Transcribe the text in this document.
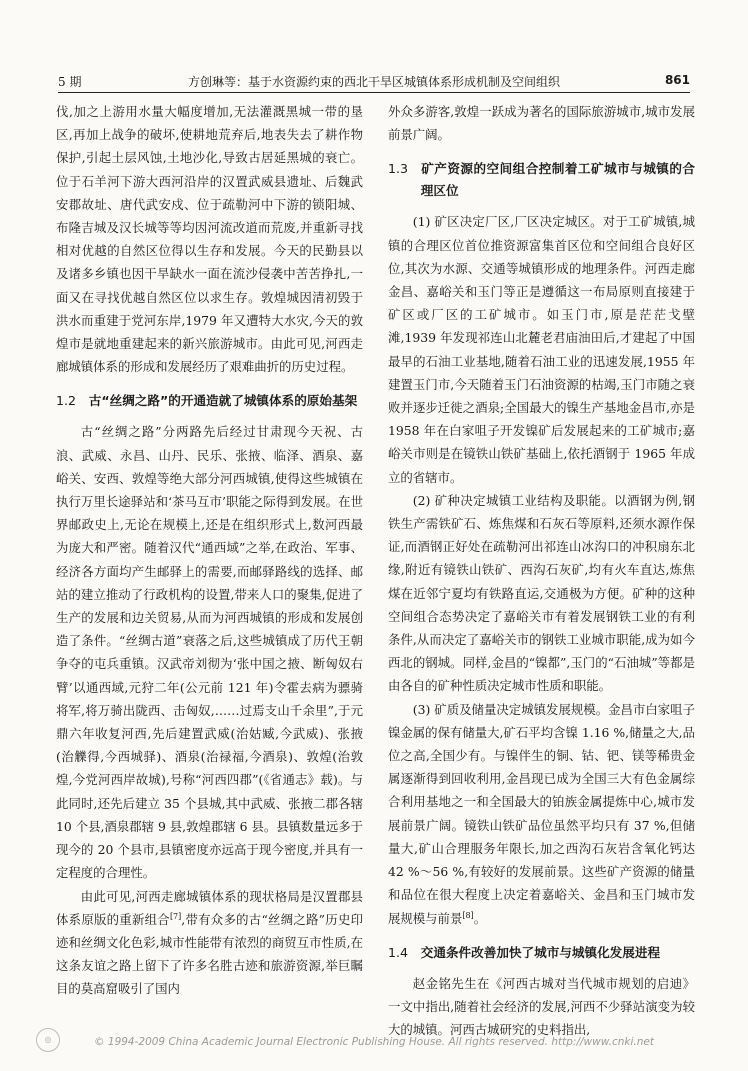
5 期	方创琳等：基于水资源约束的西北干旱区城镇体系形成机制及空间组织	861

伐,加之上游用水量大幅度增加,无法灌溉黑城一带的垦区,再加上战争的破坏,使耕地荒弃后,地表失去了耕作物保护,引起土层风蚀,土地沙化,导致古居延黑城的衰亡。位于石羊河下游大西河沿岸的汉置武威县遗址、后魏武安郡故址、唐代武安戍、位于疏勒河中下游的锁阳城、布隆吉城及汉长城等等均因河流改道而荒废,并重新寻找相对优越的自然区位得以生存和发展。今天的民勤县以及诸多乡镇也因干旱缺水一面在流沙侵袭中苦苦挣扎,一面又在寻找优越自然区位以求生存。敦煌城因清初毁于洪水而重建于党河东岸,1979 年又遭特大水灾,今天的敦煌市是就地重建起来的新兴旅游城市。由此可见,河西走廊城镇体系的形成和发展经历了艰难曲折的历史过程。

1.2 古“丝绸之路”的开通造就了城镇体系的原始基架

古“丝绸之路”分两路先后经过甘肃现今天祝、古浪、武威、永昌、山丹、民乐、张掖、临泽、酒泉、嘉峪关、安西、敦煌等绝大部分河西城镇,使得这些城镇在执行万里长途驿站和‘茶马互市’职能之际得到发展。在世界邮政史上,无论在规模上,还是在组织形式上,数河西最为庞大和严密。随着汉代“通西域”之举,在政治、军事、经济各方面均产生邮驿上的需要,而邮驿路线的选择、邮站的建立推动了行政机构的设置,带来人口的聚集,促进了生产的发展和边关贸易,从而为河西城镇的形成和发展创造了条件。“丝绸古道”衰落之后,这些城镇成了历代王朝争夺的屯兵重镇。汉武帝刘彻为‘张中国之掖、断匈奴右臂’以通西域,元狩二年(公元前 121 年)令霍去病为骠骑将军,将万骑出陇西、击匈奴,……过焉支山千余里”,于元鼎六年收复河西,先后建置武威(治姑臧,今武威)、张掖(治觻得,今西城驿)、酒泉(治禄福,今酒泉)、敦煌(治敦煌,今党河西岸故城),号称“河西四郡”(《省通志》载)。与此同时,还先后建立 35 个县城,其中武威、张掖二郡各辖 10 个县,酒泉郡辖 9 县,敦煌郡辖 6 县。县镇数量远多于现今的 20 个县市,县镇密度亦远高于现今密度,并具有一定程度的合理性。

由此可见,河西走廊城镇体系的现状格局是汉置郡县体系原版的重新组合[7],带有众多的古“丝绸之路”历史印迹和丝绸文化色彩,城市性能带有浓烈的商贸互市性质,在这条友谊之路上留下了许多名胜古迹和旅游资源,举巨瞩目的莫高窟吸引了国内

外众多游客,敦煌一跃成为著名的国际旅游城市,城市发展前景广阔。

1.3 矿产资源的空间组合控制着工矿城市与城镇的合理区位

(1) 矿区决定厂区,厂区决定城区。对于工矿城镇,城镇的合理区位首位推资源富集首区位和空间组合良好区位,其次为水源、交通等城镇形成的地理条件。河西走廊金昌、嘉峪关和玉门等正是遵循这一布局原则直接建于矿区或厂区的工矿城市。如玉门市,原是茫茫戈壁滩,1939 年发现祁连山北麓老君庙油田后,才建起了中国最早的石油工业基地,随着石油工业的迅速发展,1955 年建置玉门市,今天随着玉门石油资源的枯竭,玉门市随之衰败并逐步迁徙之酒泉;全国最大的镍生产基地金昌市,亦是 1958 年在白家咀子开发镍矿后发展起来的工矿城市;嘉峪关市则是在镜铁山铁矿基础上,依托酒钢于 1965 年成立的省辖市。

(2) 矿种决定城镇工业结构及职能。以酒钢为例,钢铁生产需铁矿石、炼焦煤和石灰石等原料,还须水源作保证,而酒钢正好处在疏勒河出祁连山冰沟口的冲积扇东北缘,附近有镜铁山铁矿、西沟石灰矿,均有火车直达,炼焦煤在近邻宁夏均有铁路直运,交通极为方便。矿种的这种空间组合态势决定了嘉峪关市有着发展钢铁工业的有利条件,从而决定了嘉峪关市的钢铁工业城市职能,成为如今西北的钢城。同样,金昌的“镍都”,玉门的“石油城”等都是由各自的矿种性质决定城市性质和职能。

(3) 矿质及储量决定城镇发展规模。金昌市白家咀子镍金属的保有储量大,矿石平均含镍 1.16 %,储量之大,品位之高,全国少有。与镍伴生的铜、钴、钯、镁等稀贵金属逐渐得到回收利用,金昌现已成为全国三大有色金属综合利用基地之一和全国最大的铂族金属提炼中心,城市发展前景广阔。镜铁山铁矿品位虽然平均只有 37 %,但储量大,矿山合理服务年限长,加之西沟石灰岩含氧化钙达 42 %～56 %,有较好的发展前景。这些矿产资源的储量和品位在很大程度上决定着嘉峪关、金昌和玉门城市发展规模与前景[8]。

1.4 交通条件改善加快了城市与城镇化发展进程

赵金铭先生在《河西古城对当代城市规划的启迪》一文中指出,随着社会经济的发展,河西不少驿站演变为较大的城镇。河西古城研究的史料指出,

◎	© 1994-2009 China Academic Journal Electronic Publishing House. All rights reserved. http://www.cnki.net
